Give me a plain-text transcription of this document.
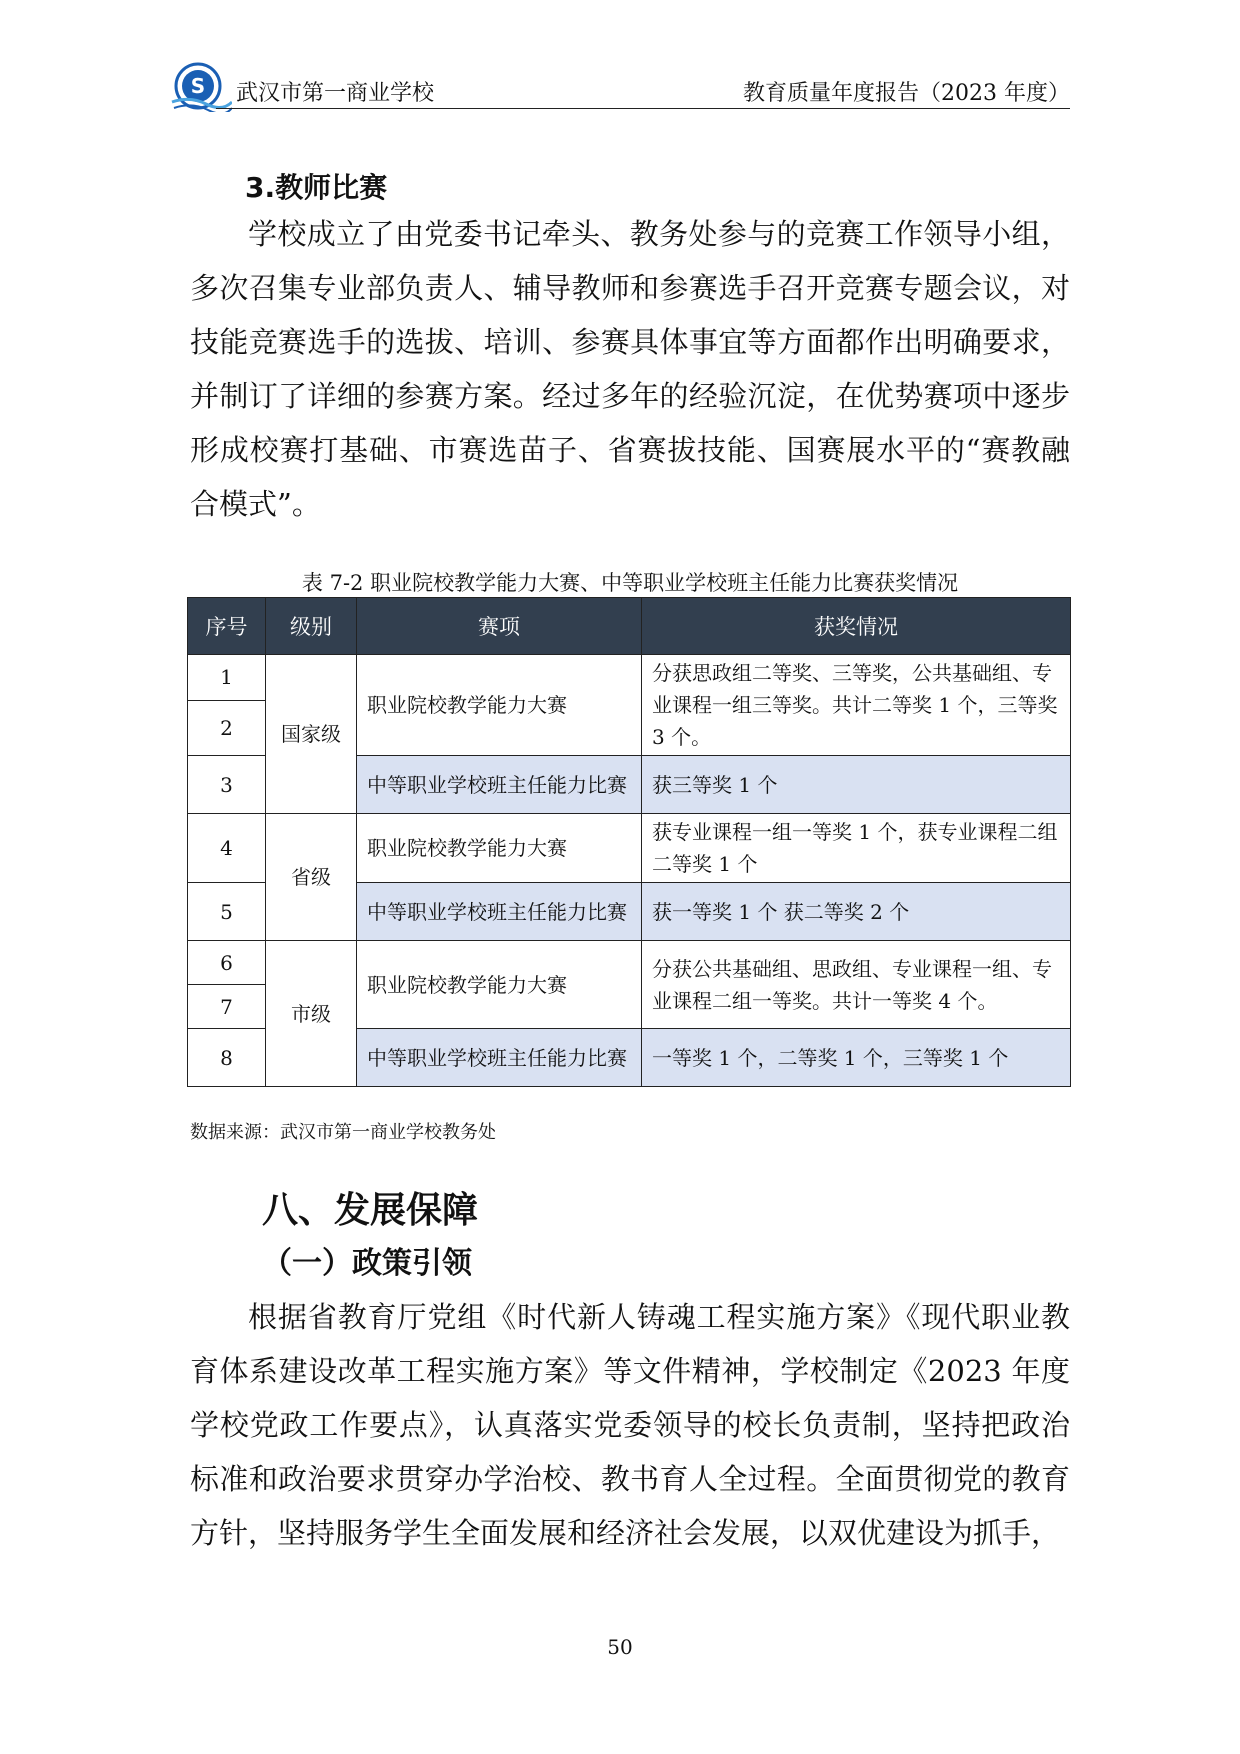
S 武汉市第一商业学校	教育质量年度报告（2023 年度）
3.教师比赛

学校成立了由党委书记牵头、教务处参与的竞赛工作领导小组，多次召集专业部负责人、辅导教师和参赛选手召开竞赛专题会议，对技能竞赛选手的选拔、培训、参赛具体事宜等方面都作出明确要求，并制订了详细的参赛方案。经过多年的经验沉淀，在优势赛项中逐步形成校赛打基础、市赛选苗子、省赛拔技能、国赛展水平的“赛教融合模式”。

表 7-2 职业院校教学能力大赛、中等职业学校班主任能力比赛获奖情况
序号	级别	赛项	获奖情况
1	国家级	职业院校教学能力大赛	分获思政组二等奖、三等奖，公共基础组、专业课程一组三等奖。共计二等奖 1 个，三等奖 3 个。
2			
3		中等职业学校班主任能力比赛	获三等奖 1 个
4	省级	职业院校教学能力大赛	获专业课程一组一等奖 1 个，获专业课程二组二等奖 1 个
5		中等职业学校班主任能力比赛	获一等奖 1 个 获二等奖 2 个
6	市级	职业院校教学能力大赛	分获公共基础组、思政组、专业课程一组、专业课程二组一等奖。共计一等奖 4 个。
7			
8		中等职业学校班主任能力比赛	一等奖 1 个，二等奖 1 个，三等奖 1 个
数据来源：武汉市第一商业学校教务处
八、发展保障
（一）政策引领

根据省教育厅党组《时代新人铸魂工程实施方案》《现代职业教育体系建设改革工程实施方案》等文件精神，学校制定《2023 年度学校党政工作要点》，认真落实党委领导的校长负责制，坚持把政治标准和政治要求贯穿办学治校、教书育人全过程。全面贯彻党的教育方针，坚持服务学生全面发展和经济社会发展，以双优建设为抓手，

50
